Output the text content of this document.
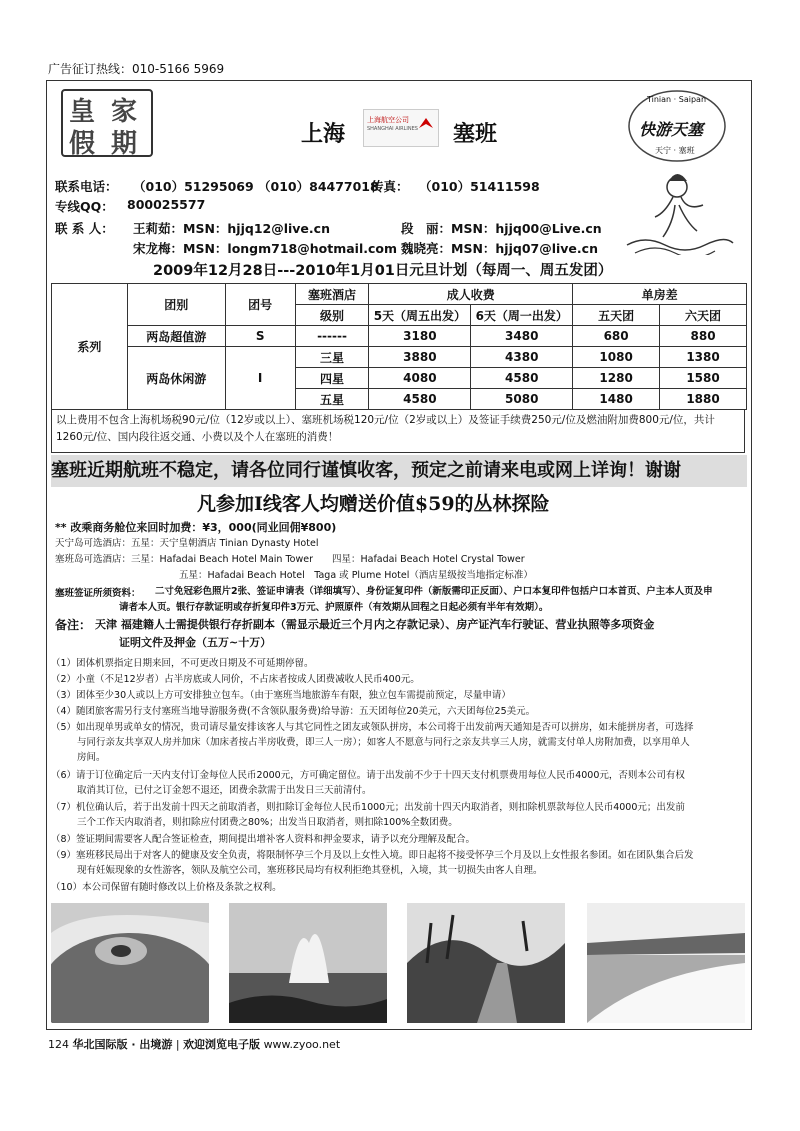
广告征订热线：010-5166 5969
皇 家
假 期	上海
上海航空公司
SHANGHAI AIRLINES 塞班
Tinian · Saipan
快游天塞
天宁 · 塞班
联系电话： （010）51295069 （010）84477018
传真： （010）51411598
专线QQ： 800025577
联 系 人： 王莉茹：MSN：hjjq12@live.cn	段　丽：MSN：hjjq00@Live.cn
宋龙梅：MSN：longm718@hotmail.com 魏晓亮：MSN：hjjq07@live.cn
2009年12月28日---2010年1月01日元旦计划（每周一、周五发团）
系列	团别	团号	塞班酒店	成人收费		单房差	
			级别	5天（周五出发）	6天（周一出发）	五天团	六天团
	两岛超值游	S	------	3180	3480	680	880
	两岛休闲游	I	三星	3880	4380	1080	1380
			四星	4080	4580	1280	1580
			五星	4580	5080	1480	1880
以上费用不包含上海机场税90元/位（12岁或以上）、塞班机场税120元/位（2岁或以上）及签证手续费250元/位及燃油附加费800元/位，共计1260元/位、国内段往返交通、小费以及个人在塞班的消费！
塞班近期航班不稳定，请各位同行谨慎收客，预定之前请来电或网上详询！谢谢
凡参加I线客人均赠送价值$59的丛林探险
** 改乘商务舱位来回时加费：¥3，000(同业回佣¥800)
天宁岛可选酒店：五星：天宁皇朝酒店 Tinian Dynasty Hotel
塞班岛可选酒店：三星：Hafadai Beach Hotel Main Tower　　四星：Hafadai Beach Hotel Crystal Tower
五星：Hafadai Beach Hotel　Taga 或 Plume Hotel（酒店星级按当地指定标准）
塞班签证所须资料： 二寸免冠彩色照片2张、签证申请表（详细填写）、身份证复印件（新版需印正反面）、户口本复印件包括户口本首页、户主本人页及申
请者本人页。银行存款证明或存折复印件3万元、护照原件（有效期从回程之日起必须有半年有效期）。
备注： 天津 福建籍人士需提供银行存折副本（需显示最近三个月内之存款记录）、房产证汽车行驶证、营业执照等多项资金
证明文件及押金（五万~十万）
（1）团体机票指定日期来回，不可更改日期及不可延期停留。
（2）小童（不足12岁者）占半房底或人同价，不占床者按成人团费减收人民币400元。
（3）团体至少30人或以上方可安排独立包车。（由于塞班当地旅游车有限，独立包车需提前预定，尽量申请）
（4）随团旅客需另行支付塞班当地导游服务费(不含领队服务费)给导游：五天团每位20美元，六天团每位25美元。
（5）如出现单男或单女的情况，贵司请尽量安排该客人与其它同性之团友或领队拼房，本公司将于出发前两天通知是否可以拼房，如未能拼房者，可选择
与同行亲友共享双人房并加床（加床者按占半房收费，即三人一房）；如客人不愿意与同行之亲友共享三人房，就需支付单人房附加费，以享用单人
房间。
（6）请于订位确定后一天内支付订金每位人民币2000元，方可确定留位。请于出发前不少于十四天支付机票费用每位人民币4000元，否则本公司有权
取消其订位，已付之订金恕不退还，团费余款需于出发日三天前清付。
（7）机位确认后，若于出发前十四天之前取消者，则扣除订金每位人民币1000元；出发前十四天内取消者，则扣除机票款每位人民币4000元；出发前
三个工作天内取消者，则扣除应付团费之80%；出发当日取消者，则扣除100%全数团费。
（8）签证期间需要客人配合签证检查，期间提出增补客人资料和押金要求，请予以充分理解及配合。
（9）塞班移民局出于对客人的健康及安全负责，将限制怀孕三个月及以上女性入境。即日起将不接受怀孕三个月及以上女性报名参团。如在团队集合后发
现有妊娠现象的女性游客，领队及航空公司，塞班移民局均有权利拒绝其登机，入境，其一切损失由客人自理。
（10）本公司保留有随时修改以上价格及条款之权利。
124 华北国际版 · 出境游 | 欢迎浏览电子版 www.zyoo.net
